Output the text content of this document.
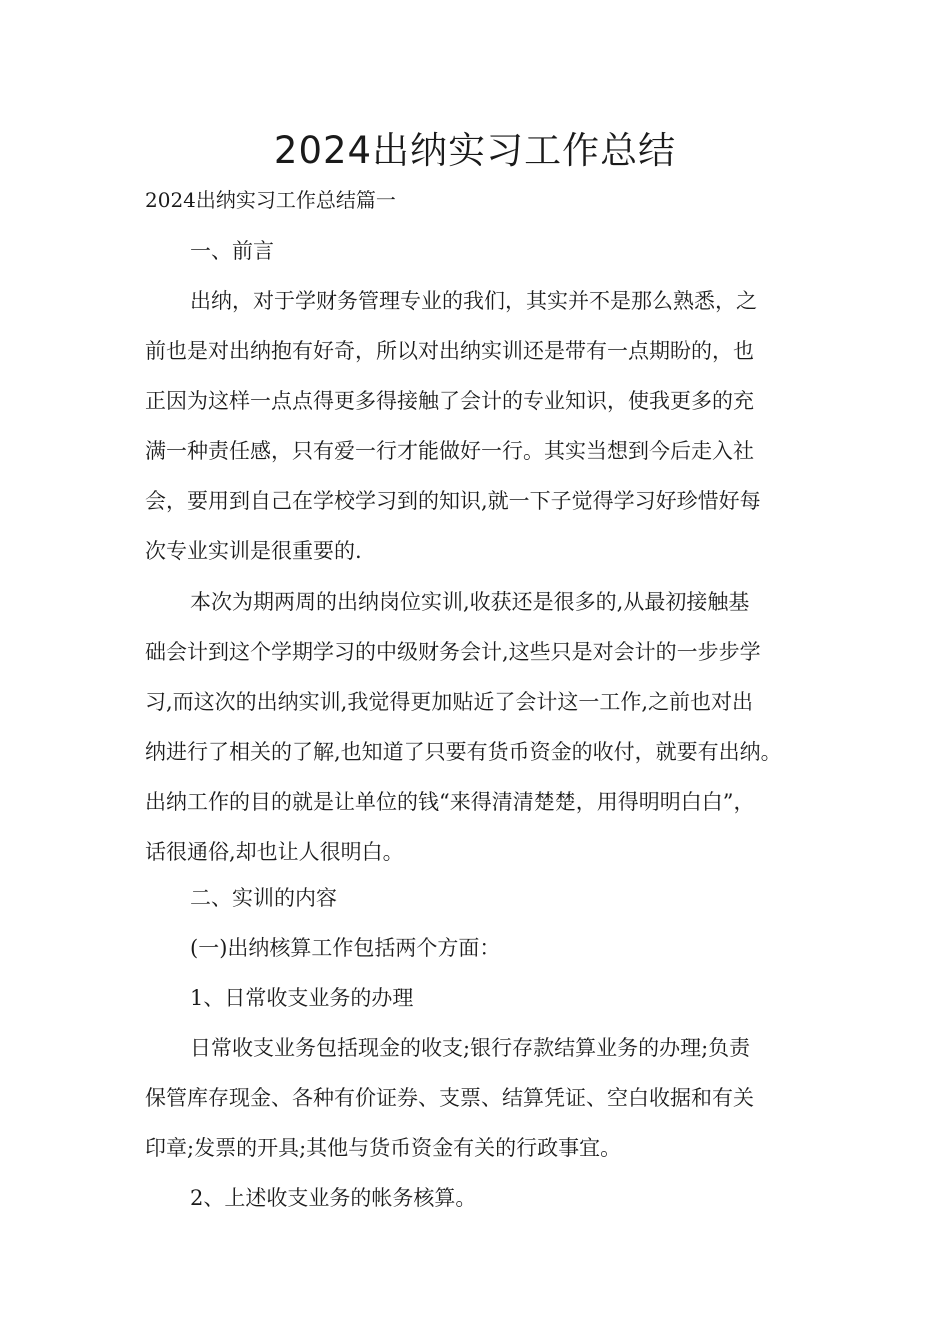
2024出纳实习工作总结

2024出纳实习工作总结篇一

一、前言

出纳，对于学财务管理专业的我们，其实并不是那么熟悉，之
前也是对出纳抱有好奇，所以对出纳实训还是带有一点期盼的，也
正因为这样一点点得更多得接触了会计的专业知识，使我更多的充
满一种责任感，只有爱一行才能做好一行。其实当想到今后走入社
会，要用到自己在学校学习到的知识,就一下子觉得学习好珍惜好每
次专业实训是很重要的.
本次为期两周的出纳岗位实训,收获还是很多的,从最初接触基
础会计到这个学期学习的中级财务会计,这些只是对会计的一步步学
习,而这次的出纳实训,我觉得更加贴近了会计这一工作,之前也对出
纳进行了相关的了解,也知道了只要有货币资金的收付，就要有出纳。
出纳工作的目的就是让单位的钱“来得清清楚楚，用得明明白白”，
话很通俗,却也让人很明白。

二、实训的内容

(一)出纳核算工作包括两个方面：

1、日常收支业务的办理

日常收支业务包括现金的收支;银行存款结算业务的办理;负责
保管库存现金、各种有价证券、支票、结算凭证、空白收据和有关
印章;发票的开具;其他与货币资金有关的行政事宜。

2、上述收支业务的帐务核算。
